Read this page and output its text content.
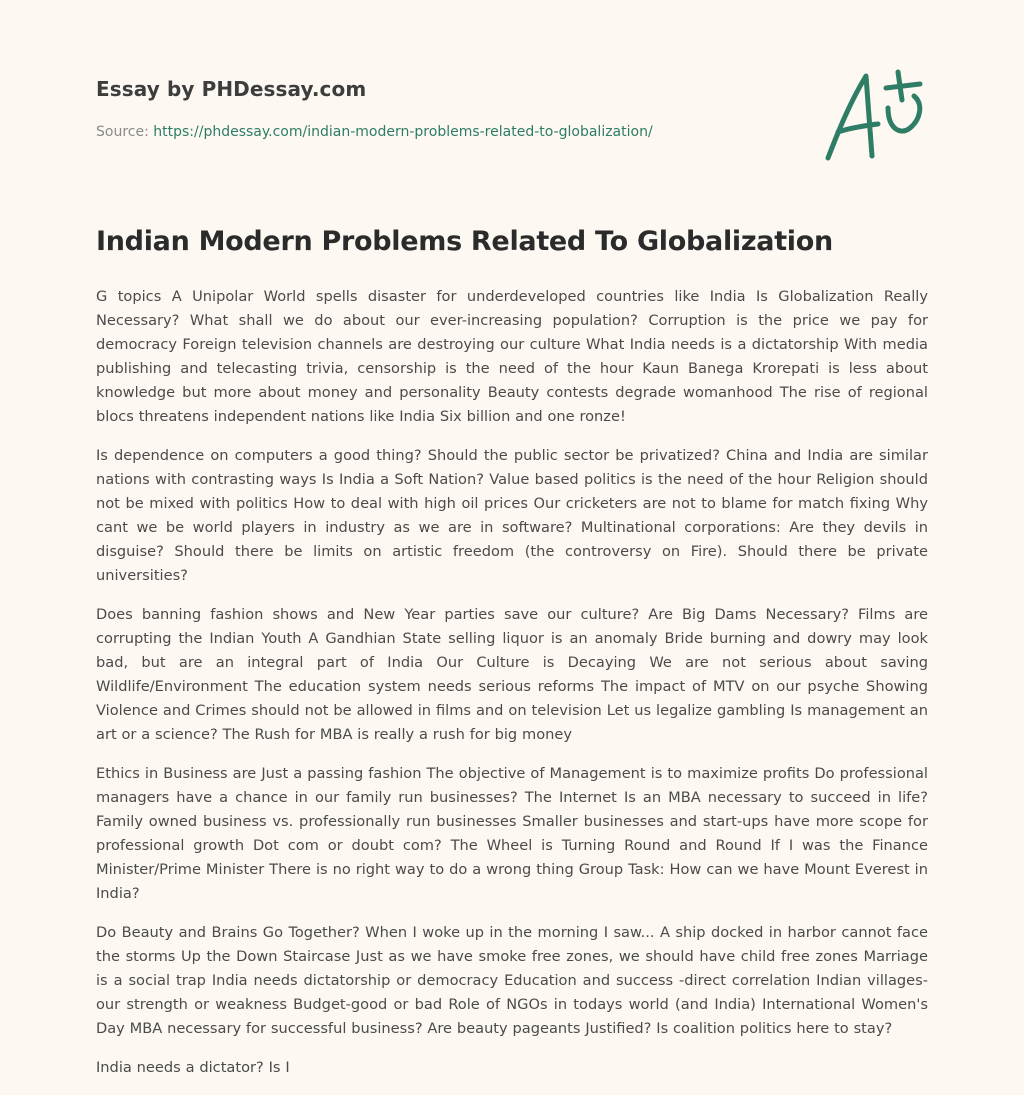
Essay by PHDessay.com

Source: https://phdessay.com/indian-modern-problems-related-to-globalization/

Indian Modern Problems Related To Globalization

G topics A Unipolar World spells disaster for underdeveloped countries like India Is Globalization Really Necessary? What shall we do about our ever-increasing population? Corruption is the price we pay for democracy Foreign television channels are destroying our culture What India needs is a dictatorship With media publishing and telecasting trivia, censorship is the need of the hour Kaun Banega Krorepati is less about knowledge but more about money and personality Beauty contests degrade womanhood The rise of regional blocs threatens independent nations like India Six billion and one ronze!

Is dependence on computers a good thing? Should the public sector be privatized? China and India are similar nations with contrasting ways Is India a Soft Nation? Value based politics is the need of the hour Religion should not be mixed with politics How to deal with high oil prices Our cricketers are not to blame for match fixing Why cant we be world players in industry as we are in software? Multinational corporations: Are they devils in disguise? Should there be limits on artistic freedom (the controversy on Fire). Should there be private universities?

Does banning fashion shows and New Year parties save our culture? Are Big Dams Necessary? Films are corrupting the Indian Youth A Gandhian State selling liquor is an anomaly Bride burning and dowry may look bad, but are an integral part of India Our Culture is Decaying We are not serious about saving Wildlife/Environment The education system needs serious reforms The impact of MTV on our psyche Showing Violence and Crimes should not be allowed in films and on television Let us legalize gambling Is management an art or a science? The Rush for MBA is really a rush for big money

Ethics in Business are Just a passing fashion The objective of Management is to maximize profits Do professional managers have a chance in our family run businesses? The Internet Is an MBA necessary to succeed in life? Family owned business vs. professionally run businesses Smaller businesses and start-ups have more scope for professional growth Dot com or doubt com? The Wheel is Turning Round and Round If I was the Finance Minister/Prime Minister There is no right way to do a wrong thing Group Task: How can we have Mount Everest in India?

Do Beauty and Brains Go Together? When I woke up in the morning I saw... A ship docked in harbor cannot face the storms Up the Down Staircase Just as we have smoke free zones, we should have child free zones Marriage is a social trap India needs dictatorship or democracy Education and success -direct correlation Indian villages-our strength or weakness Budget-good or bad Role of NGOs in todays world (and India) International Women's Day MBA necessary for successful business? Are beauty pageants Justified? Is coalition politics here to stay?

India needs a dictator? Is I
